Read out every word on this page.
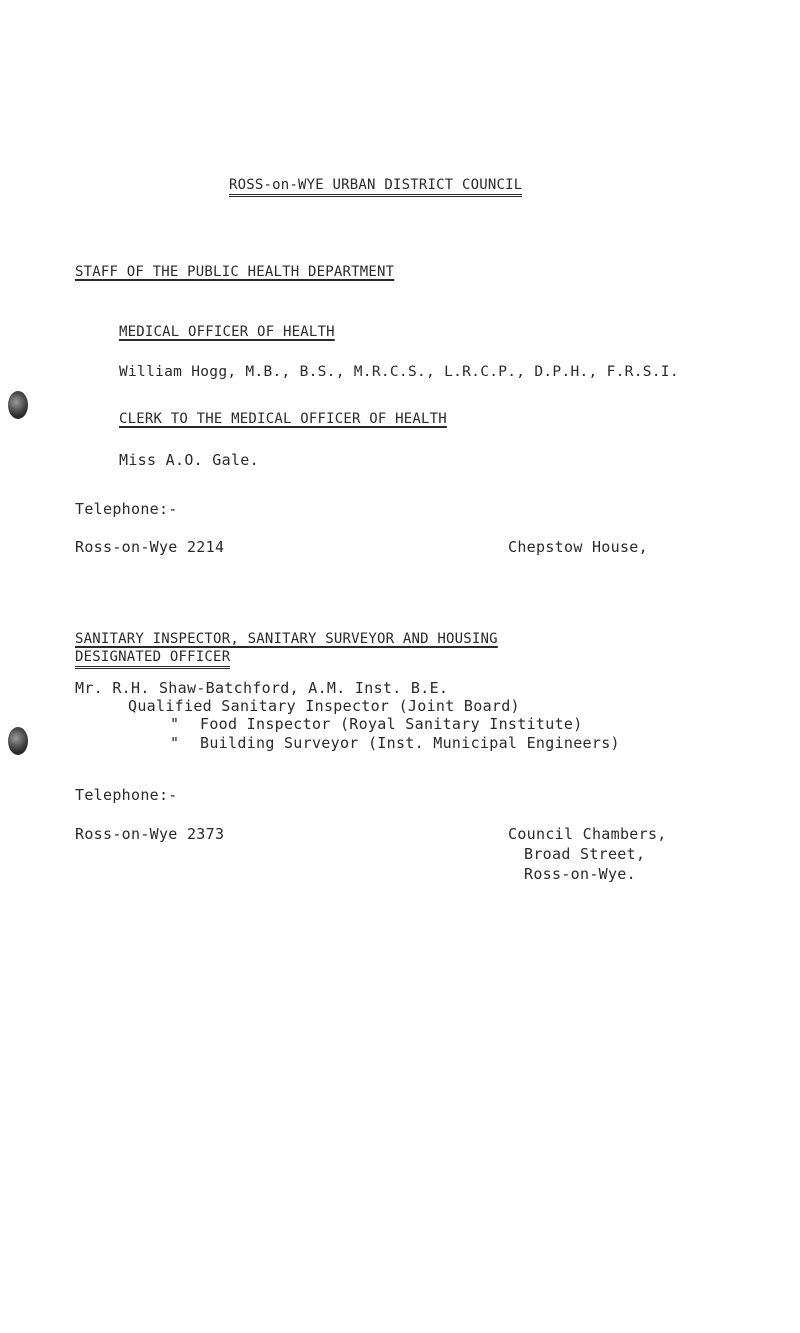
ROSS-on-WYE URBAN DISTRICT COUNCIL
STAFF OF THE PUBLIC HEALTH DEPARTMENT
MEDICAL OFFICER OF HEALTH
William Hogg, M.B., B.S., M.R.C.S., L.R.C.P., D.P.H., F.R.S.I.
CLERK TO THE MEDICAL OFFICER OF HEALTH
Miss A.O. Gale.
Telephone:-
Ross-on-Wye 2214	Chepstow House,
SANITARY INSPECTOR, SANITARY SURVEYOR AND HOUSING
DESIGNATED OFFICER
Mr. R.H. Shaw-Batchford, A.M. Inst. B.E.
Qualified Sanitary Inspector (Joint Board)
" Food Inspector (Royal Sanitary Institute)
" Building Surveyor (Inst. Municipal Engineers)
Telephone:-
Ross-on-Wye 2373	Council Chambers,
Broad Street,
Ross-on-Wye.
